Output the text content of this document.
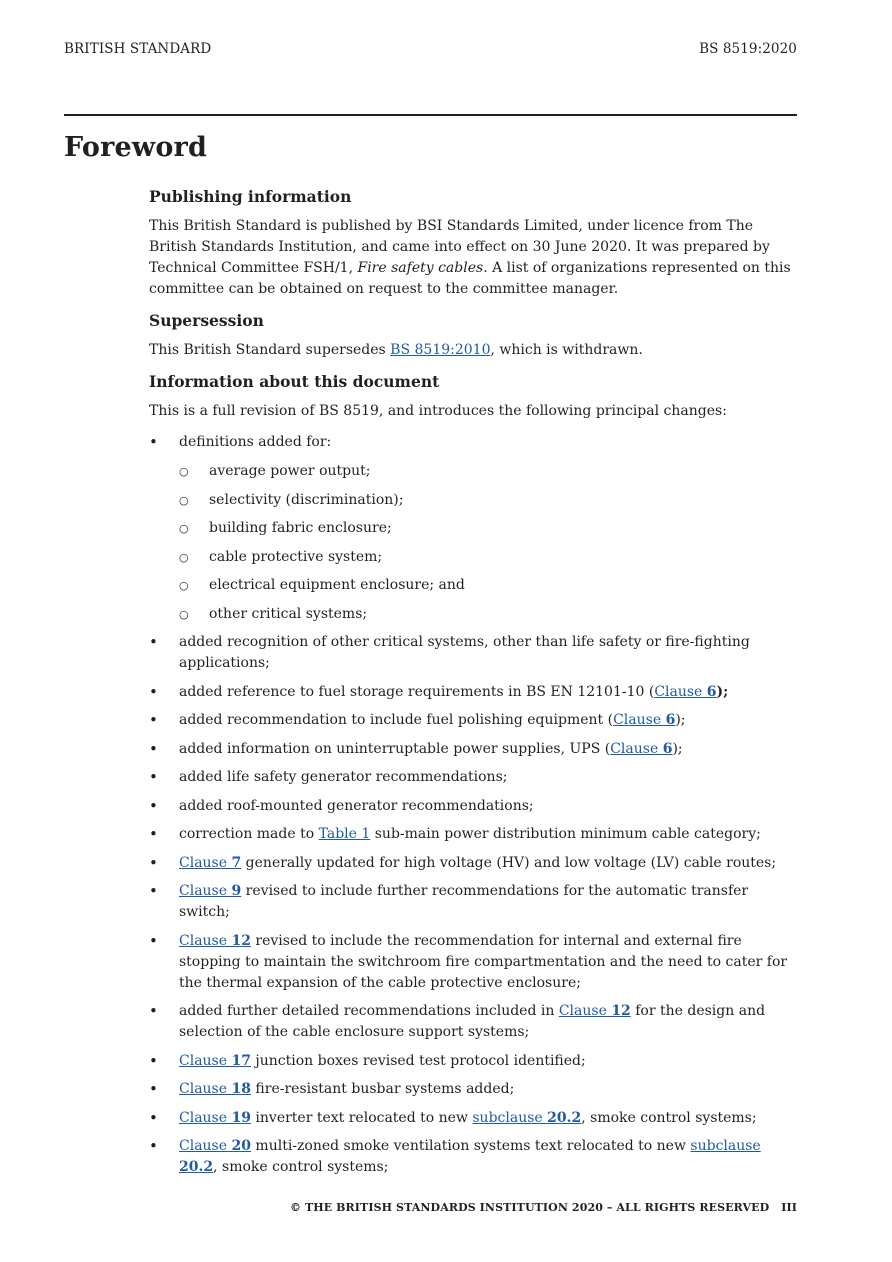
BRITISH STANDARD	BS 8519:2020
Foreword
Publishing information

This British Standard is published by BSI Standards Limited, under licence from The British Standards Institution, and came into effect on 30 June 2020. It was prepared by Technical Committee FSH/1, Fire safety cables. A list of organizations represented on this committee can be obtained on request to the committee manager.

Supersession

This British Standard supersedes BS 8519:2010, which is withdrawn.

Information about this document

This is a full revision of BS 8519, and introduces the following principal changes:

• definitions added for:
○ average power output;
○ selectivity (discrimination);
○ building fabric enclosure;
○ cable protective system;
○ electrical equipment enclosure; and
○ other critical systems;
• added recognition of other critical systems, other than life safety or fire-fighting applications;
• added reference to fuel storage requirements in BS EN 12101-10 (Clause 6);
• added recommendation to include fuel polishing equipment (Clause 6);
• added information on uninterruptable power supplies, UPS (Clause 6);
• added life safety generator recommendations;
• added roof-mounted generator recommendations;
• correction made to Table 1 sub-main power distribution minimum cable category;
• Clause 7 generally updated for high voltage (HV) and low voltage (LV) cable routes;
• Clause 9 revised to include further recommendations for the automatic transfer switch;
• Clause 12 revised to include the recommendation for internal and external fire stopping to maintain the switchroom fire compartmentation and the need to cater for the thermal expansion of the cable protective enclosure;
• added further detailed recommendations included in Clause 12 for the design and selection of the cable enclosure support systems;
• Clause 17 junction boxes revised test protocol identified;
• Clause 18 fire-resistant busbar systems added;
• Clause 19 inverter text relocated to new subclause 20.2, smoke control systems;
• Clause 20 multi-zoned smoke ventilation systems text relocated to new subclause 20.2, smoke control systems;
© THE BRITISH STANDARDS INSTITUTION 2020 – ALL RIGHTS RESERVED III
